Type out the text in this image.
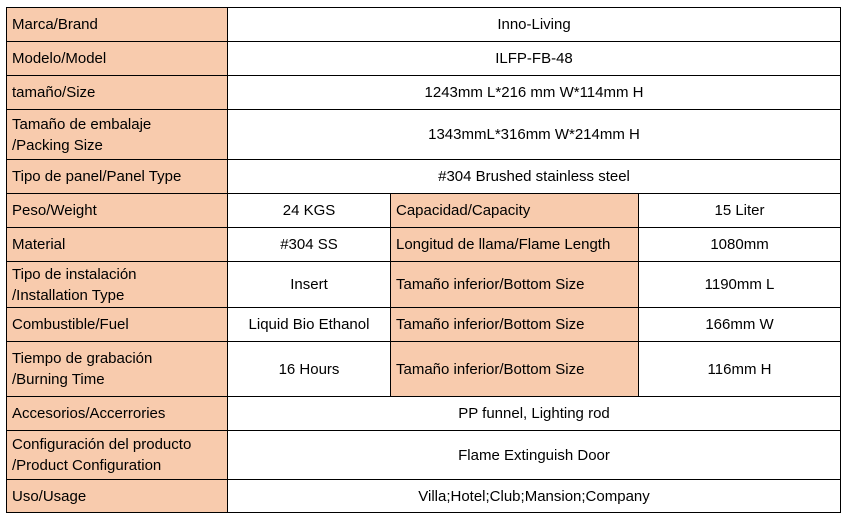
Marca/Brand	Inno-Living		
Modelo/Model	ILFP-FB-48		
tamaño/Size	1243mm L*216 mm W*114mm H		

Tamaño de embalaje
/Packing Size	1343mmL*316mm W*214mm H		
Tipo de panel/Panel Type	#304 Brushed stainless steel		
Peso/Weight	24 KGS	Capacidad/Capacity	15 Liter
Material	#304 SS	Longitud de llama/Flame Length	1080mm

Tipo de instalación
/Installation Type	Insert	Tamaño inferior/Bottom Size	1190mm L
Combustible/Fuel	Liquid Bio Ethanol	Tamaño inferior/Bottom Size	166mm W

Tiempo de grabación
/Burning Time	16 Hours	Tamaño inferior/Bottom Size	116mm H
Accesorios/Accerrories	PP funnel, Lighting rod		

Configuración del producto
/Product Configuration	Flame Extinguish Door		
Uso/Usage	Villa;Hotel;Club;Mansion;Company		
